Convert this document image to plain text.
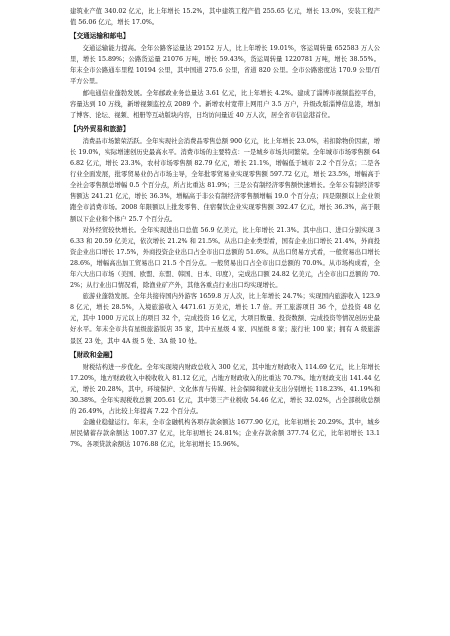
建筑业产值 340.02 亿元，比上年增长 15.2%，其中建筑工程产值 255.65 亿元，增长 13.0%，安装工程产值 56.06 亿元，增长 17.0%。

【交通运输和邮电】

交通运输能力提高。全年公路客运量达 29152 万人，比上年增长 19.01%，客运周转量 652583 万人公里，增长 15.89%；公路货运量 21076 万吨，增长 59.43%，货运周转量 1220781 万吨，增长 38.55%。年末全市公路通车里程 10194 公里，其中国道 275.6 公里，省道 820 公里。全市公路密度达 170.9 公里/百平方公里。

邮电通信业蓬勃发展。全年邮政业务总量达 3.61 亿元，比上年增长 4.2%。建成了淄博市视频监控平台，容量达到 10 万线，新增视频监控点 2089 个。新增农村宽带上网用户 3.5 万户，升级改版淄博信息港，增加了博客、论坛、视频、相册等互动版块内容，日均访问量近 40 万人次，居全省市信息港首位。

【内外贸易和旅游】

消费品市场繁荣活跃。全年实现社会消费品零售总额 900 亿元，比上年增长 23.0%，若扣除物价因素，增长 19.0%，实际增速创历史最高水平。消费市场的主要特点：一是城乡市场共同繁荣。全年城市市场零售额 646.82 亿元，增长 23.3%，农村市场零售额 82.79 亿元，增长 21.1%，增幅低于城市 2.2 个百分点；二是各行业全面发展，批零贸易业仍占市场主导，全年批零贸易业实现零售额 597.72 亿元，增长 23.5%，增幅高于全社会零售额总增幅 0.5 个百分点，所占比重达 81.9%；三是公有制经济零售额快速增长。全年公有制经济零售额达 241.21 亿元，增长 36.3%，增幅高于非公有制经济零售额增幅 19.0 个百分点；四是限额以上企业领跑全市消费市场。2008 年限额以上批发零售、住宿餐饮企业实现零售额 392.47 亿元，增长 36.3%，高于限额以下企业和个体户 25.7 个百分点。

对外经贸较快增长。全年实现进出口总值 56.9 亿美元，比上年增长 21.3%。其中出口、进口分别实现 36.33 和 20.59 亿美元，依次增长 21.2% 和 21.5%。从出口企业类型看，国有企业出口增长 21.4%，外商投资企业出口增长 17.5%，外商投资企业出口占全市出口总额的 51.6%。从出口贸易方式看，一般贸易出口增长 28.6%，增幅高出加工贸易出口 21.5 个百分点。一般贸易出口占全市出口总额的 70.0%。从市场构成看，全年六大出口市场（美国、欧盟、东盟、韩国、日本、印度），完成出口额 24.82 亿美元，占全市出口总额的 70.2%；从行业出口情况看，除渔业矿产外，其他各重点行业出口均实现增长。

旅游业蓬勃发展。全年共接待国内外游客 1659.8 万人次，比上年增长 24.7%；实现国内旅游收入 123.98 亿元，增长 28.5%，入境旅游收入 4471.61 万美元，增长 1.7 倍。开工旅游项目 36 个，总投资 48 亿元，其中 1000 万元以上的项目 32 个，完成投资 16 亿元，大项目数量、投资数额、完成投资等情况创历史最好水平。年末全市共有星级旅游饭店 35 家，其中五星级 4 家、四星级 8 家；旅行社 100 家；拥有 A 级旅游景区 23 处，其中 4A 级 5 处、3A 级 10 处。

【财政和金融】

财税结构进一步优化。全年实现境内财政总收入 300 亿元，其中地方财政收入 114.69 亿元，比上年增长 17.20%，地方财政收入中税收收入 81.12 亿元，占地方财政收入的比重达 70.7%。地方财政支出 141.44 亿元，增长 20.28%，其中，环境保护、文化体育与传媒、社会保障和就业支出分别增长 118.23%、41.19%和 30.38%。全年实现税收总额 205.61 亿元，其中第三产业税收 54.46 亿元，增长 32.02%，占全部税收总额的 26.49%，占比较上年提高 7.22 个百分点。

金融业稳健运行。年末，全市金融机构各项存款余额达 1677.90 亿元，比年初增长 20.29%。其中，城乡居民储蓄存款余额达 1007.37 亿元，比年初增长 24.81%；企业存款余额 377.74 亿元，比年初增长 13.17%。各项贷款余额达 1076.88 亿元，比年初增长 15.96%。
